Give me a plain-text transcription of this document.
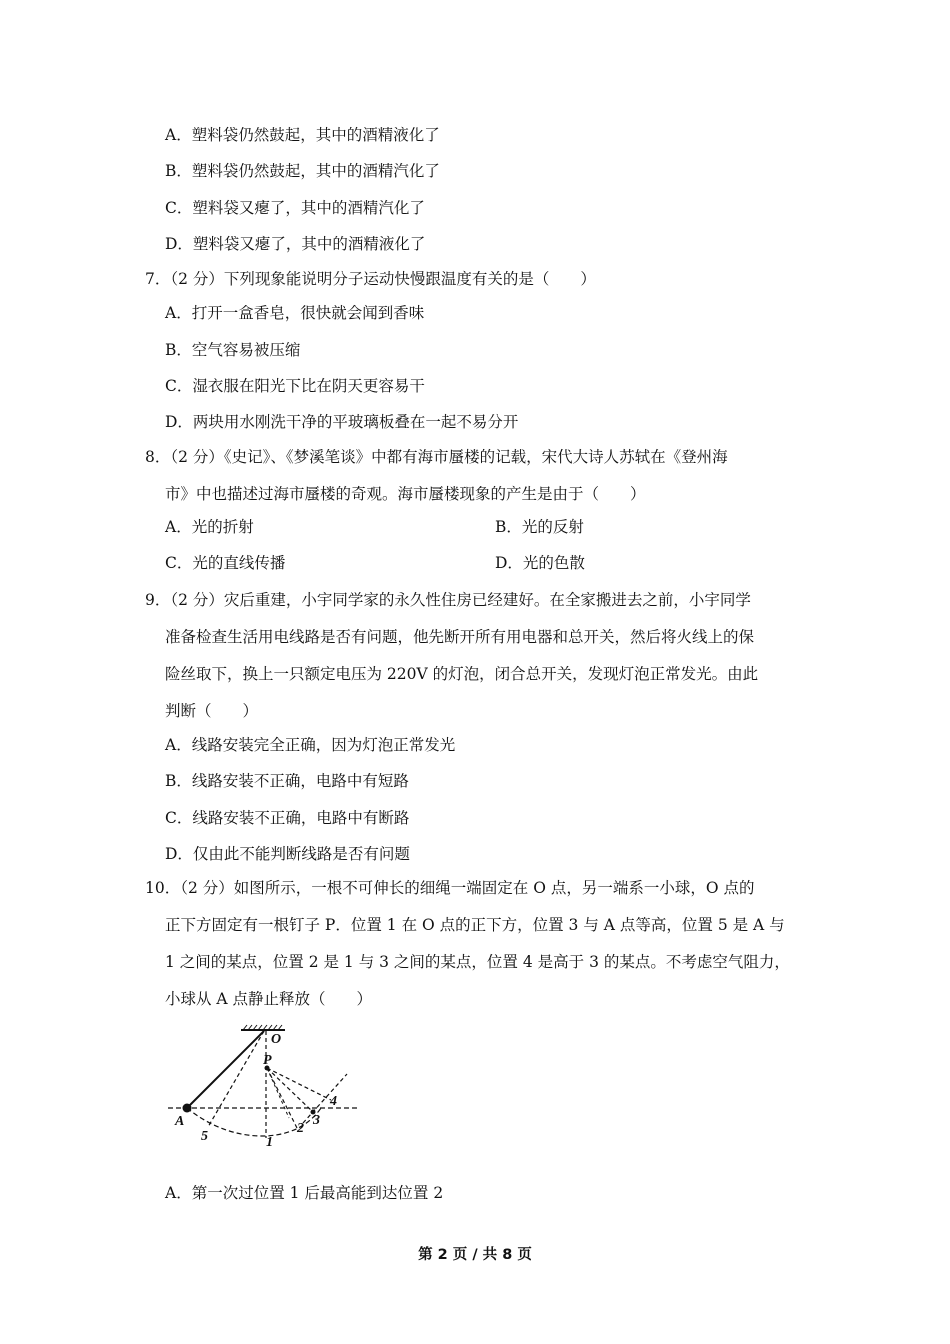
A．塑料袋仍然鼓起，其中的酒精液化了
B．塑料袋仍然鼓起，其中的酒精汽化了
C．塑料袋又瘪了，其中的酒精汽化了
D．塑料袋又瘪了，其中的酒精液化了
7．（2 分）下列现象能说明分子运动快慢跟温度有关的是（　　）
A．打开一盒香皂，很快就会闻到香味
B．空气容易被压缩
C．湿衣服在阳光下比在阴天更容易干
D．两块用水刚洗干净的平玻璃板叠在一起不易分开
8．（2 分）《史记》、《梦溪笔谈》中都有海市蜃楼的记载，宋代大诗人苏轼在《登州海
市》中也描述过海市蜃楼的奇观。海市蜃楼现象的产生是由于（　　）
A．光的折射	B．光的反射
C．光的直线传播	D．光的色散
9．（2 分）灾后重建，小宇同学家的永久性住房已经建好。在全家搬进去之前，小宇同学
准备检查生活用电线路是否有问题，他先断开所有用电器和总开关，然后将火线上的保
险丝取下，换上一只额定电压为 220V 的灯泡，闭合总开关，发现灯泡正常发光。由此
判断（　　）
A．线路安装完全正确，因为灯泡正常发光
B．线路安装不正确，电路中有短路
C．线路安装不正确，电路中有断路
D．仅由此不能判断线路是否有问题
10．（2 分）如图所示，一根不可伸长的细绳一端固定在 O 点，另一端系一小球，O 点的
正下方固定有一根钉子 P．位置 1 在 O 点的正下方，位置 3 与 A 点等高，位置 5 是 A 与
1 之间的某点，位置 2 是 1 与 3 之间的某点，位置 4 是高于 3 的某点。不考虑空气阻力，
小球从 A 点静止释放（　　）
O
P
A
5	1
2
3
4
A．第一次过位置 1 后最高能到达位置 2
第 2 页 / 共 8 页
